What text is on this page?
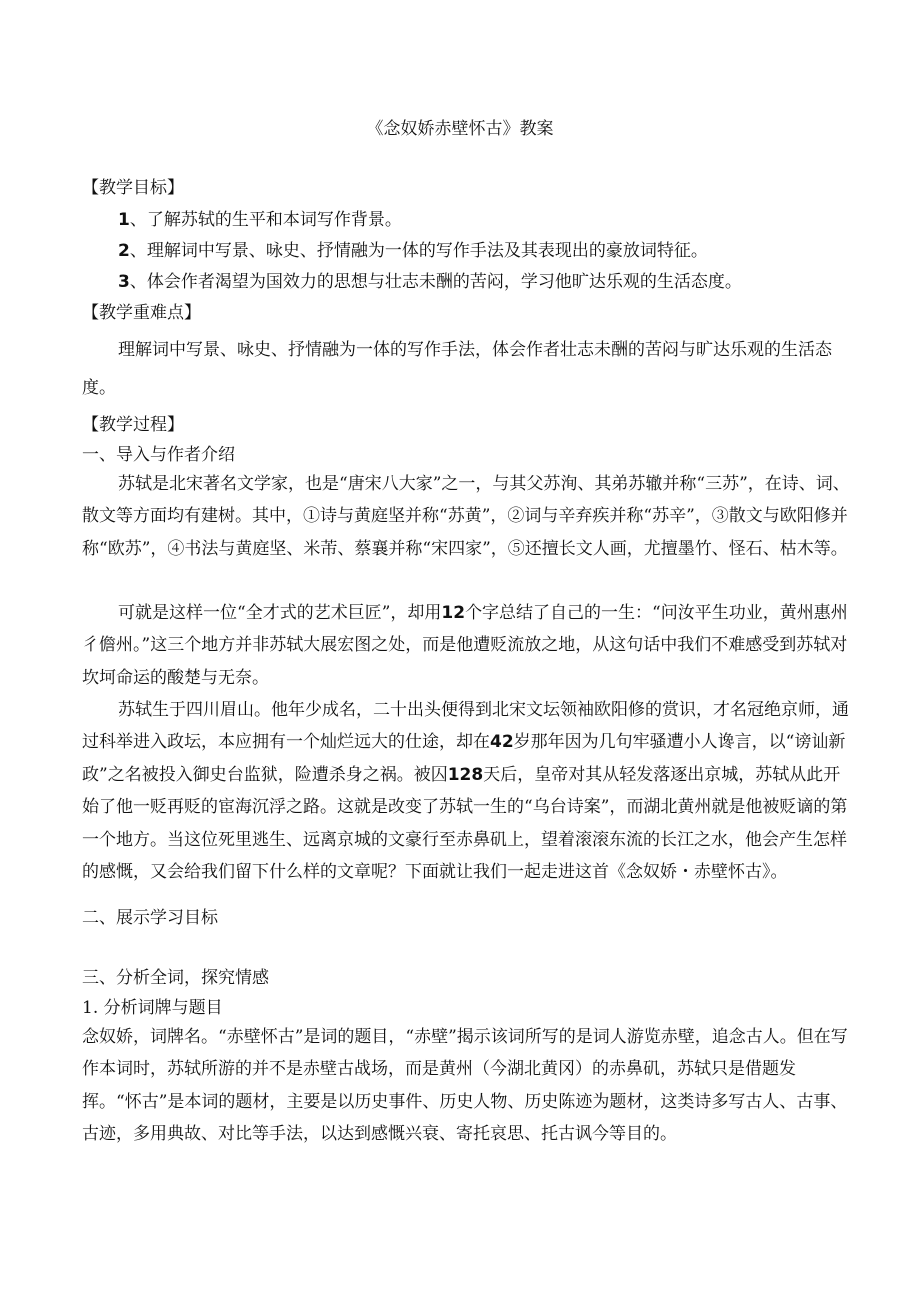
《念奴娇赤壁怀古》教案
【教学目标】
1、了解苏轼的生平和本词写作背景。
2、理解词中写景、咏史、抒情融为一体的写作手法及其表现出的豪放词特征。
3、体会作者渴望为国效力的思想与壮志未酬的苦闷，学习他旷达乐观的生活态度。
【教学重难点】
理解词中写景、咏史、抒情融为一体的写作手法，体会作者壮志未酬的苦闷与旷达乐观的生活态度。
【教学过程】
一、导入与作者介绍
苏轼是北宋著名文学家，也是“唐宋八大家”之一，与其父苏洵、其弟苏辙并称“三苏”，在诗、词、散文等方面均有建树。其中，①诗与黄庭坚并称“苏黄”，②词与辛弃疾并称“苏辛”，③散文与欧阳修并称“欧苏”，④书法与黄庭坚、米芾、蔡襄并称“宋四家”，⑤还擅长文人画，尤擅墨竹、怪石、枯木等。
可就是这样一位“全才式的艺术巨匠”，却用12个字总结了自己的一生：“问汝平生功业，黄州惠州彳儋州。”这三个地方并非苏轼大展宏图之处，而是他遭贬流放之地，从这句话中我们不难感受到苏轼对坎坷命运的酸楚与无奈。
苏轼生于四川眉山。他年少成名，二十出头便得到北宋文坛领袖欧阳修的赏识，才名冠绝京师，通过科举进入政坛，本应拥有一个灿烂远大的仕途，却在42岁那年因为几句牢骚遭小人谗言，以“谤讪新政”之名被投入御史台监狱，险遭杀身之祸。被囚128天后，皇帝对其从轻发落逐出京城，苏轼从此开始了他一贬再贬的宦海沉浮之路。这就是改变了苏轼一生的“乌台诗案”，而湖北黄州就是他被贬谪的第一个地方。当这位死里逃生、远离京城的文豪行至赤鼻矶上，望着滚滚东流的长江之水，他会产生怎样的感慨，又会给我们留下什么样的文章呢？下面就让我们一起走进这首《念奴娇・赤壁怀古》。
二、展示学习目标
三、分析全词，探究情感
1. 分析词牌与题目
念奴娇，词牌名。“赤壁怀古”是词的题目，“赤壁”揭示该词所写的是词人游览赤壁，追念古人。但在写作本词时，苏轼所游的并不是赤壁古战场，而是黄州（今湖北黄冈）的赤鼻矶，苏轼只是借题发挥。“怀古”是本词的题材，主要是以历史事件、历史人物、历史陈迹为题材，这类诗多写古人、古事、古迹，多用典故、对比等手法，以达到感慨兴衰、寄托哀思、托古讽今等目的。
